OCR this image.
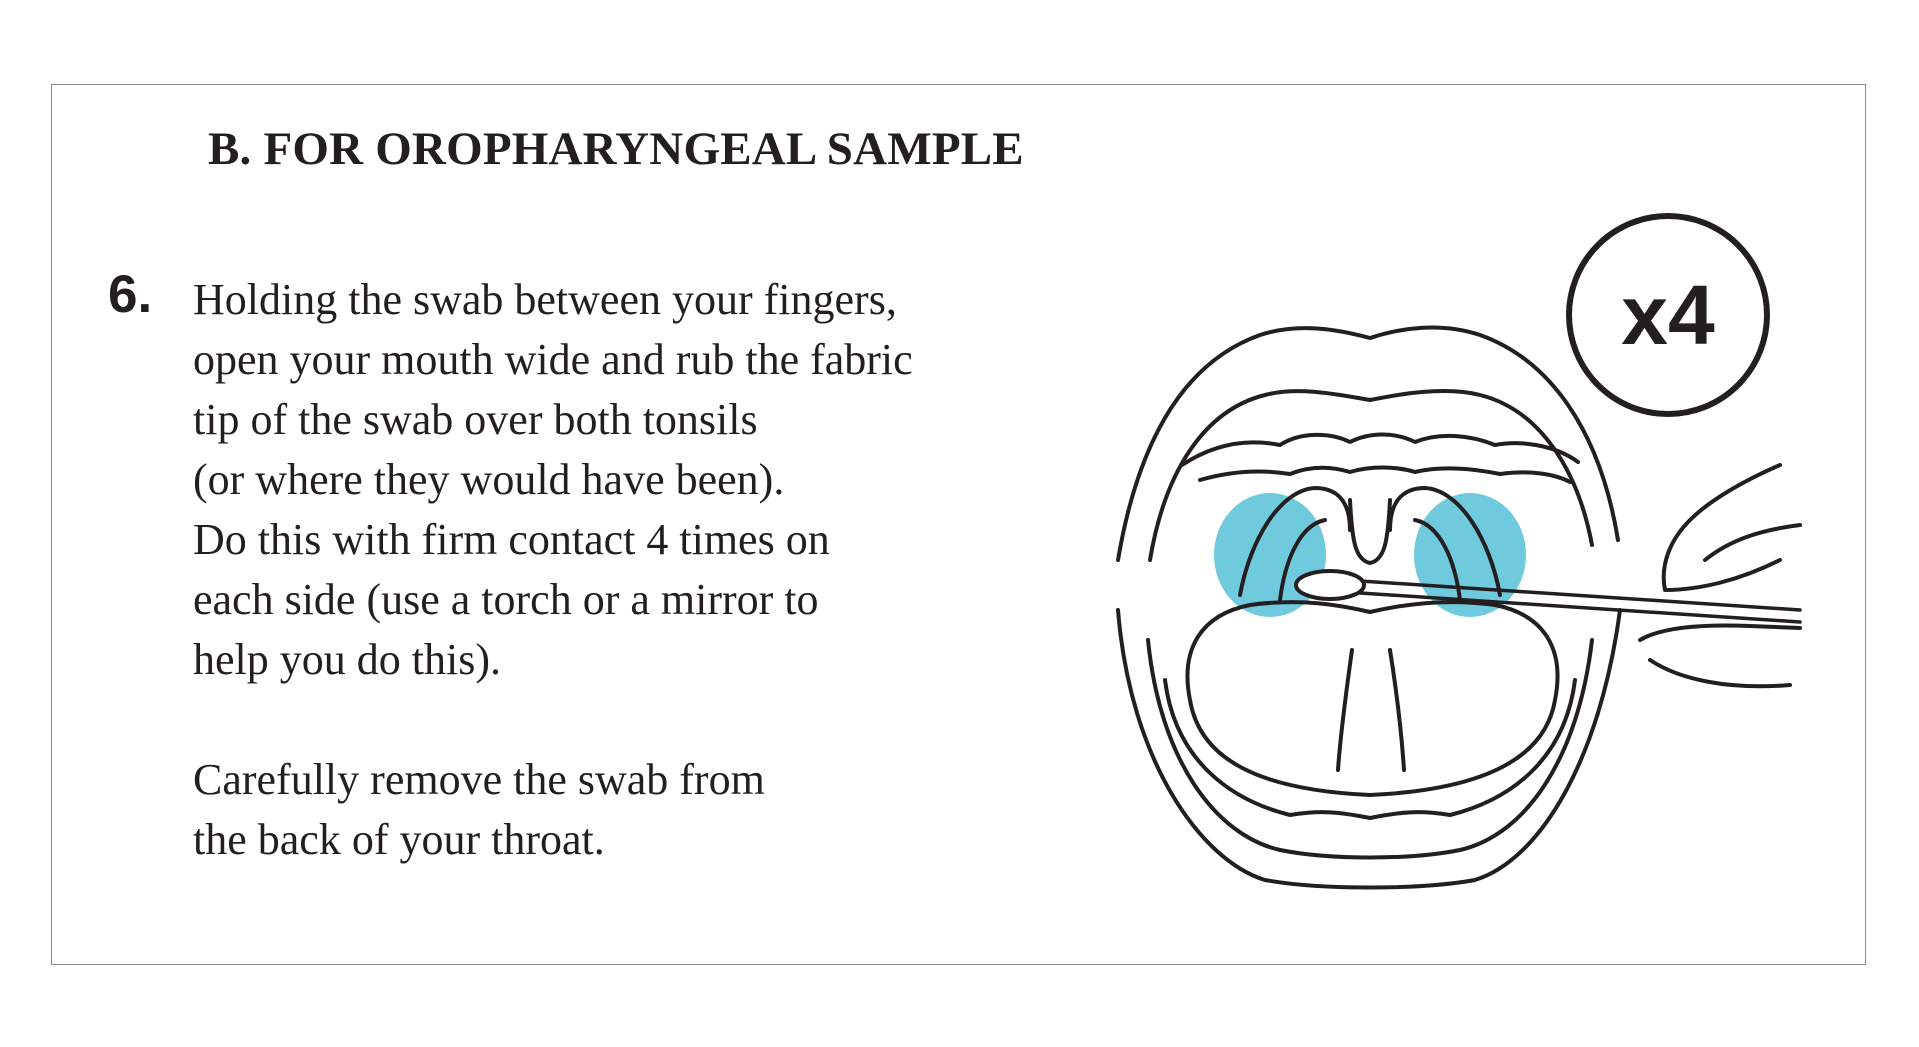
B. FOR OROPHARYNGEAL SAMPLE
6. Holding the swab between your fingers,
open your mouth wide and rub the fabric
tip of the swab over both tonsils
(or where they would have been).
Do this with firm contact 4 times on
each side (use a torch or a mirror to
help you do this).

Carefully remove the swab from
the back of your throat.

x4
